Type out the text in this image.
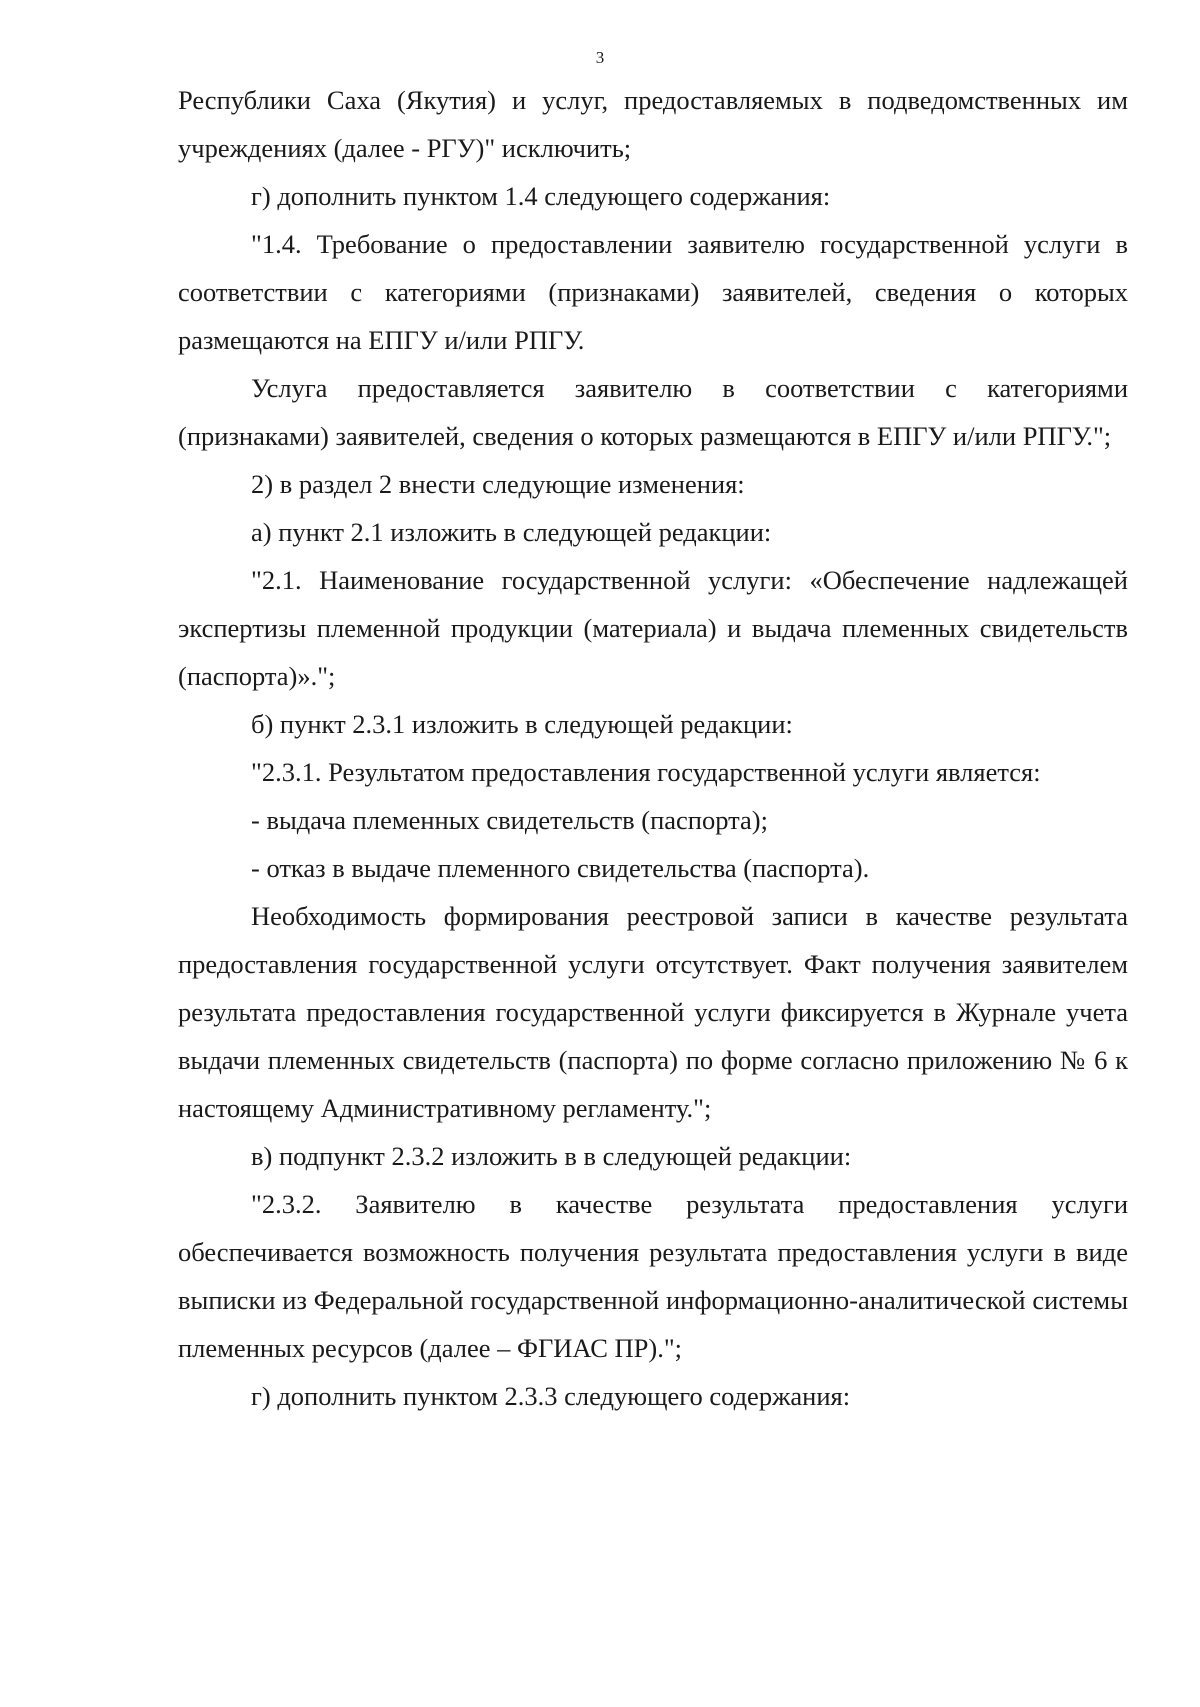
3

Республики Саха (Якутия) и услуг, предоставляемых в подведомственных им учреждениях (далее - РГУ)" исключить;

г) дополнить пунктом 1.4 следующего содержания:

"1.4. Требование о предоставлении заявителю государственной услуги в соответствии с категориями (признаками) заявителей, сведения о которых размещаются на ЕПГУ и/или РПГУ.

Услуга предоставляется заявителю в соответствии с категориями (признаками) заявителей, сведения о которых размещаются в ЕПГУ и/или РПГУ.";

2) в раздел 2 внести следующие изменения:

а) пункт 2.1 изложить в следующей редакции:

"2.1. Наименование государственной услуги: «Обеспечение надлежащей экспертизы племенной продукции (материала) и выдача племенных свидетельств (паспорта)».";

б) пункт 2.3.1 изложить в следующей редакции:

"2.3.1. Результатом предоставления государственной услуги является:

- выдача племенных свидетельств (паспорта);

- отказ в выдаче племенного свидетельства (паспорта).

Необходимость формирования реестровой записи в качестве результата предоставления государственной услуги отсутствует. Факт получения заявителем результата предоставления государственной услуги фиксируется в Журнале учета выдачи племенных свидетельств (паспорта) по форме согласно приложению № 6 к настоящему Административному регламенту.";

в) подпункт 2.3.2 изложить в в следующей редакции:

"2.3.2. Заявителю в качестве результата предоставления услуги обеспечивается возможность получения результата предоставления услуги в виде выписки из Федеральной государственной информационно-аналитической системы племенных ресурсов (далее – ФГИАС ПР).";

г) дополнить пунктом 2.3.3 следующего содержания:
